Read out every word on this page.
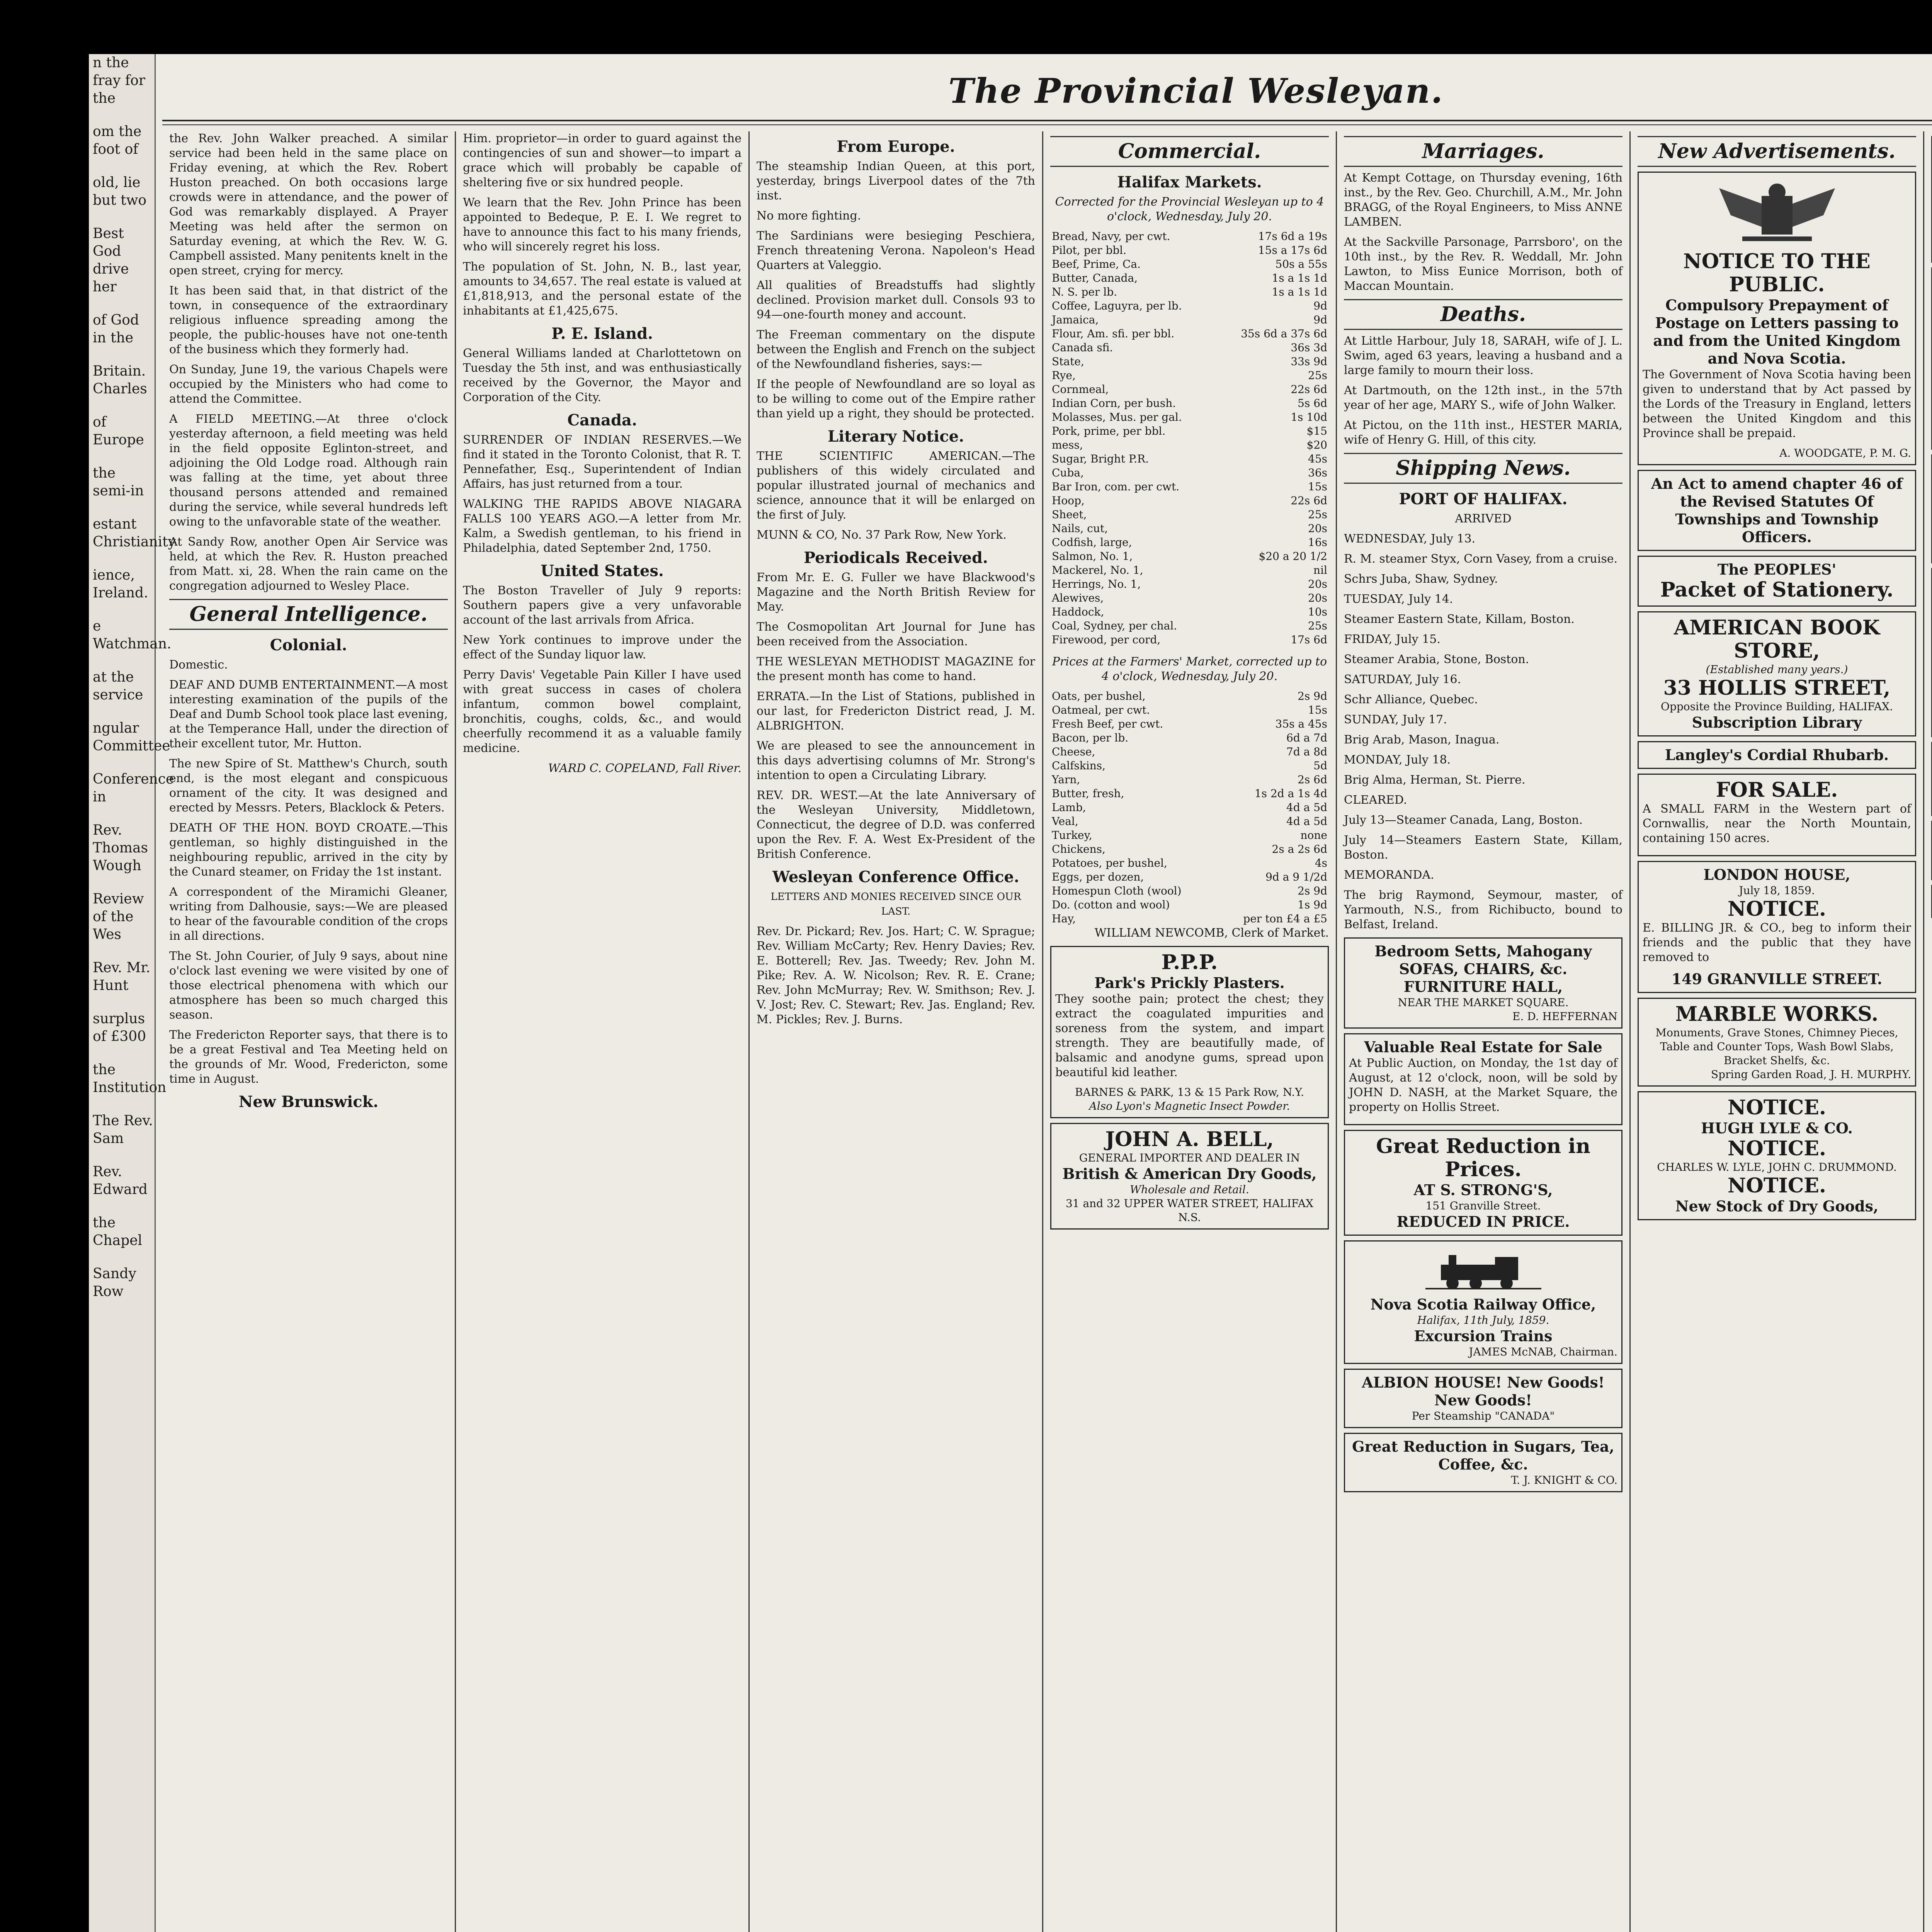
n the fray for the

om the foot of

old, lie but two

Best God drive her

of God in the

Britain. Charles

of Europe

the semi-in

estant Christianity

ience, Ireland.

e Watchman.

at the service

ngular Committee

Conference in

Rev. Thomas Wough

Review of the Wes

Rev. Mr. Hunt

surplus of £300

the Institution

The Rev. Sam

Rev. Edward

the Chapel

Sandy Row

The Provincial Wesleyan.

the Rev. John Walker preached. A similar service had been held in the same place on Friday evening, at which the Rev. Robert Huston preached. On both occasions large crowds were in attendance, and the power of God was remarkably displayed. A Prayer Meeting was held after the sermon on Saturday evening, at which the Rev. W. G. Campbell assisted. Many penitents knelt in the open street, crying for mercy.

It has been said that, in that district of the town, in consequence of the extraordinary religious influence spreading among the people, the public-houses have not one-tenth of the business which they formerly had.

On Sunday, June 19, the various Chapels were occupied by the Ministers who had come to attend the Committee.

A FIELD MEETING.—At three o'clock yesterday afternoon, a field meeting was held in the field opposite Eglinton-street, and adjoining the Old Lodge road. Although rain was falling at the time, yet about three thousand persons attended and remained during the service, while several hundreds left owing to the unfavorable state of the weather.

At Sandy Row, another Open Air Service was held, at which the Rev. R. Huston preached from Matt. xi, 28. When the rain came on the congregation adjourned to Wesley Place.

General Intelligence.
Colonial.

Domestic.

DEAF AND DUMB ENTERTAINMENT.—A most interesting examination of the pupils of the Deaf and Dumb School took place last evening, at the Temperance Hall, under the direction of their excellent tutor, Mr. Hutton.

The new Spire of St. Matthew's Church, south end, is the most elegant and conspicuous ornament of the city. It was designed and erected by Messrs. Peters, Blacklock & Peters.

DEATH OF THE HON. BOYD CROATE.—This gentleman, so highly distinguished in the neighbouring republic, arrived in the city by the Cunard steamer, on Friday the 1st instant.

A correspondent of the Miramichi Gleaner, writing from Dalhousie, says:—We are pleased to hear of the favourable condition of the crops in all directions.

The St. John Courier, of July 9 says, about nine o'clock last evening we were visited by one of those electrical phenomena with which our atmosphere has been so much charged this season.

The Fredericton Reporter says, that there is to be a great Festival and Tea Meeting held on the grounds of Mr. Wood, Fredericton, some time in August.

New Brunswick.

Him. proprietor—in order to guard against the contingencies of sun and shower—to impart a grace which will probably be capable of sheltering five or six hundred people.

We learn that the Rev. John Prince has been appointed to Bedeque, P. E. I. We regret to have to announce this fact to his many friends, who will sincerely regret his loss.

The population of St. John, N. B., last year, amounts to 34,657. The real estate is valued at £1,818,913, and the personal estate of the inhabitants at £1,425,675.

P. E. Island.

General Williams landed at Charlottetown on Tuesday the 5th inst, and was enthusiastically received by the Governor, the Mayor and Corporation of the City.

Canada.

SURRENDER OF INDIAN RESERVES.—We find it stated in the Toronto Colonist, that R. T. Pennefather, Esq., Superintendent of Indian Affairs, has just returned from a tour.

WALKING THE RAPIDS ABOVE NIAGARA FALLS 100 YEARS AGO.—A letter from Mr. Kalm, a Swedish gentleman, to his friend in Philadelphia, dated September 2nd, 1750.

United States.

The Boston Traveller of July 9 reports: Southern papers give a very unfavorable account of the last arrivals from Africa.

New York continues to improve under the effect of the Sunday liquor law.

Perry Davis' Vegetable Pain Killer I have used with great success in cases of cholera infantum, common bowel complaint, bronchitis, coughs, colds, &c., and would cheerfully recommend it as a valuable family medicine.

WARD C. COPELAND, Fall River.

From Europe.

The steamship Indian Queen, at this port, yesterday, brings Liverpool dates of the 7th inst.

No more fighting.

The Sardinians were besieging Peschiera, French threatening Verona. Napoleon's Head Quarters at Valeggio.

All qualities of Breadstuffs had slightly declined. Provision market dull. Consols 93 to 94—one-fourth money and account.

The Freeman commentary on the dispute between the English and French on the subject of the Newfoundland fisheries, says:—

If the people of Newfoundland are so loyal as to be willing to come out of the Empire rather than yield up a right, they should be protected.

Literary Notice.

THE SCIENTIFIC AMERICAN.—The publishers of this widely circulated and popular illustrated journal of mechanics and science, announce that it will be enlarged on the first of July.

MUNN & CO, No. 37 Park Row, New York.

Periodicals Received.

From Mr. E. G. Fuller we have Blackwood's Magazine and the North British Review for May.

The Cosmopolitan Art Journal for June has been received from the Association.

THE WESLEYAN METHODIST MAGAZINE for the present month has come to hand.

ERRATA.—In the List of Stations, published in our last, for Fredericton District read, J. M. ALBRIGHTON.

We are pleased to see the announcement in this days advertising columns of Mr. Strong's intention to open a Circulating Library.

REV. DR. WEST.—At the late Anniversary of the Wesleyan University, Middletown, Connecticut, the degree of D.D. was conferred upon the Rev. F. A. West Ex-President of the British Conference.

Wesleyan Conference Office.

LETTERS AND MONIES RECEIVED SINCE OUR LAST.

Rev. Dr. Pickard; Rev. Jos. Hart; C. W. Sprague; Rev. William McCarty; Rev. Henry Davies; Rev. E. Botterell; Rev. Jas. Tweedy; Rev. John M. Pike; Rev. A. W. Nicolson; Rev. R. E. Crane; Rev. John McMurray; Rev. W. Smithson; Rev. J. V. Jost; Rev. C. Stewart; Rev. Jas. England; Rev. M. Pickles; Rev. J. Burns.

Commercial.
Halifax Markets.

Corrected for the Provincial Wesleyan up to 4 o'clock, Wednesday, July 20.

Bread, Navy, per cwt.	17s 6d a 19s
Pilot, per bbl.	15s a 17s 6d
Beef, Prime, Ca.	50s a 55s
Butter, Canada,	1s a 1s 1d
N. S. per lb.	1s a 1s 1d
Coffee, Laguyra, per lb.	9d
Jamaica,	9d
Flour, Am. sfi. per bbl.	35s 6d a 37s 6d
Canada sfi.	36s 3d
State,	33s 9d
Rye,	25s
Cornmeal,	22s 6d
Indian Corn, per bush.	5s 6d
Molasses, Mus. per gal.	1s 10d
Pork, prime, per bbl.	$15
mess,	$20
Sugar, Bright P.R.	45s
Cuba,	36s
Bar Iron, com. per cwt.	15s
Hoop,	22s 6d
Sheet,	25s
Nails, cut,	20s
Codfish, large,	16s
Salmon, No. 1,	$20 a 20 1/2
Mackerel, No. 1,	nil
Herrings, No. 1,	20s
Alewives,	20s
Haddock,	10s
Coal, Sydney, per chal.	25s
Firewood, per cord,	17s 6d

Prices at the Farmers' Market, corrected up to 4 o'clock, Wednesday, July 20.

Oats, per bushel,	2s 9d
Oatmeal, per cwt.	15s
Fresh Beef, per cwt.	35s a 45s
Bacon, per lb.	6d a 7d
Cheese,	7d a 8d
Calfskins,	5d
Yarn,	2s 6d
Butter, fresh,	1s 2d a 1s 4d
Lamb,	4d a 5d
Veal,	4d a 5d
Turkey,	none
Chickens,	2s a 2s 6d
Potatoes, per bushel,	4s
Eggs, per dozen,	9d a 9 1/2d
Homespun Cloth (wool)	2s 9d
Do. (cotton and wool)	1s 9d
Hay,	per ton £4 a £5

WILLIAM NEWCOMB, Clerk of Market.

P.P.P.
Park's Prickly Plasters.

They soothe pain; protect the chest; they extract the coagulated impurities and soreness from the system, and impart strength. They are beautifully made, of balsamic and anodyne gums, spread upon beautiful kid leather.

BARNES & PARK, 13 & 15 Park Row, N.Y.
Also Lyon's Magnetic Insect Powder.
JOHN A. BELL,
GENERAL IMPORTER AND DEALER IN
British & American Dry Goods,
Wholesale and Retail.
31 and 32 UPPER WATER STREET, HALIFAX N.S.
Marriages.

At Kempt Cottage, on Thursday evening, 16th inst., by the Rev. Geo. Churchill, A.M., Mr. John BRAGG, of the Royal Engineers, to Miss ANNE LAMBEN.

At the Sackville Parsonage, Parrsboro', on the 10th inst., by the Rev. R. Weddall, Mr. John Lawton, to Miss Eunice Morrison, both of Maccan Mountain.

Deaths.

At Little Harbour, July 18, SARAH, wife of J. L. Swim, aged 63 years, leaving a husband and a large family to mourn their loss.

At Dartmouth, on the 12th inst., in the 57th year of her age, MARY S., wife of John Walker.

At Pictou, on the 11th inst., HESTER MARIA, wife of Henry G. Hill, of this city.

Shipping News.
PORT OF HALIFAX.

ARRIVED

WEDNESDAY, July 13.

R. M. steamer Styx, Corn Vasey, from a cruise.

Schrs Juba, Shaw, Sydney.

TUESDAY, July 14.

Steamer Eastern State, Killam, Boston.

FRIDAY, July 15.

Steamer Arabia, Stone, Boston.

SATURDAY, July 16.

Schr Alliance, Quebec.

SUNDAY, July 17.

Brig Arab, Mason, Inagua.

MONDAY, July 18.

Brig Alma, Herman, St. Pierre.

CLEARED.

July 13—Steamer Canada, Lang, Boston.

July 14—Steamers Eastern State, Killam, Boston.

MEMORANDA.

The brig Raymond, Seymour, master, of Yarmouth, N.S., from Richibucto, bound to Belfast, Ireland.

Bedroom Setts, Mahogany
SOFAS, CHAIRS, &c.
FURNITURE HALL,
NEAR THE MARKET SQUARE.
E. D. HEFFERNAN
Valuable Real Estate for Sale

At Public Auction, on Monday, the 1st day of August, at 12 o'clock, noon, will be sold by JOHN D. NASH, at the Market Square, the property on Hollis Street.

Great Reduction in Prices.
AT S. STRONG'S,
151 Granville Street.
REDUCED IN PRICE.
Nova Scotia Railway Office,
Halifax, 11th July, 1859.
Excursion Trains
JAMES McNAB, Chairman.
ALBION HOUSE! New Goods! New Goods!
Per Steamship "CANADA"
Great Reduction in Sugars, Tea, Coffee, &c.
T. J. KNIGHT & CO.
New Advertisements.
NOTICE TO THE PUBLIC.
Compulsory Prepayment of Postage on Letters passing to and from the United Kingdom and Nova Scotia.

The Government of Nova Scotia having been given to understand that by Act passed by the Lords of the Treasury in England, letters between the United Kingdom and this Province shall be prepaid.

A. WOODGATE, P. M. G.
An Act to amend chapter 46 of the Revised Statutes Of Townships and Township Officers.
The PEOPLES'
Packet of Stationery.
AMERICAN BOOK STORE,
(Established many years.)
33 HOLLIS STREET,
Opposite the Province Building, HALIFAX.
Subscription Library
Langley's Cordial Rhubarb.
FOR SALE.

A SMALL FARM in the Western part of Cornwallis, near the North Mountain, containing 150 acres.

LONDON HOUSE,
July 18, 1859.
NOTICE.

E. BILLING JR. & CO., beg to inform their friends and the public that they have removed to

149 GRANVILLE STREET.
MARBLE WORKS.
Monuments, Grave Stones, Chimney Pieces, Table and Counter Tops, Wash Bowl Slabs, Bracket Shelfs, &c.
Spring Garden Road, J. H. MURPHY.
NOTICE.
HUGH LYLE & CO.
NOTICE.
CHARLES W. LYLE, JOHN C. DRUMMOND.
NOTICE.
New Stock of Dry Goods,
